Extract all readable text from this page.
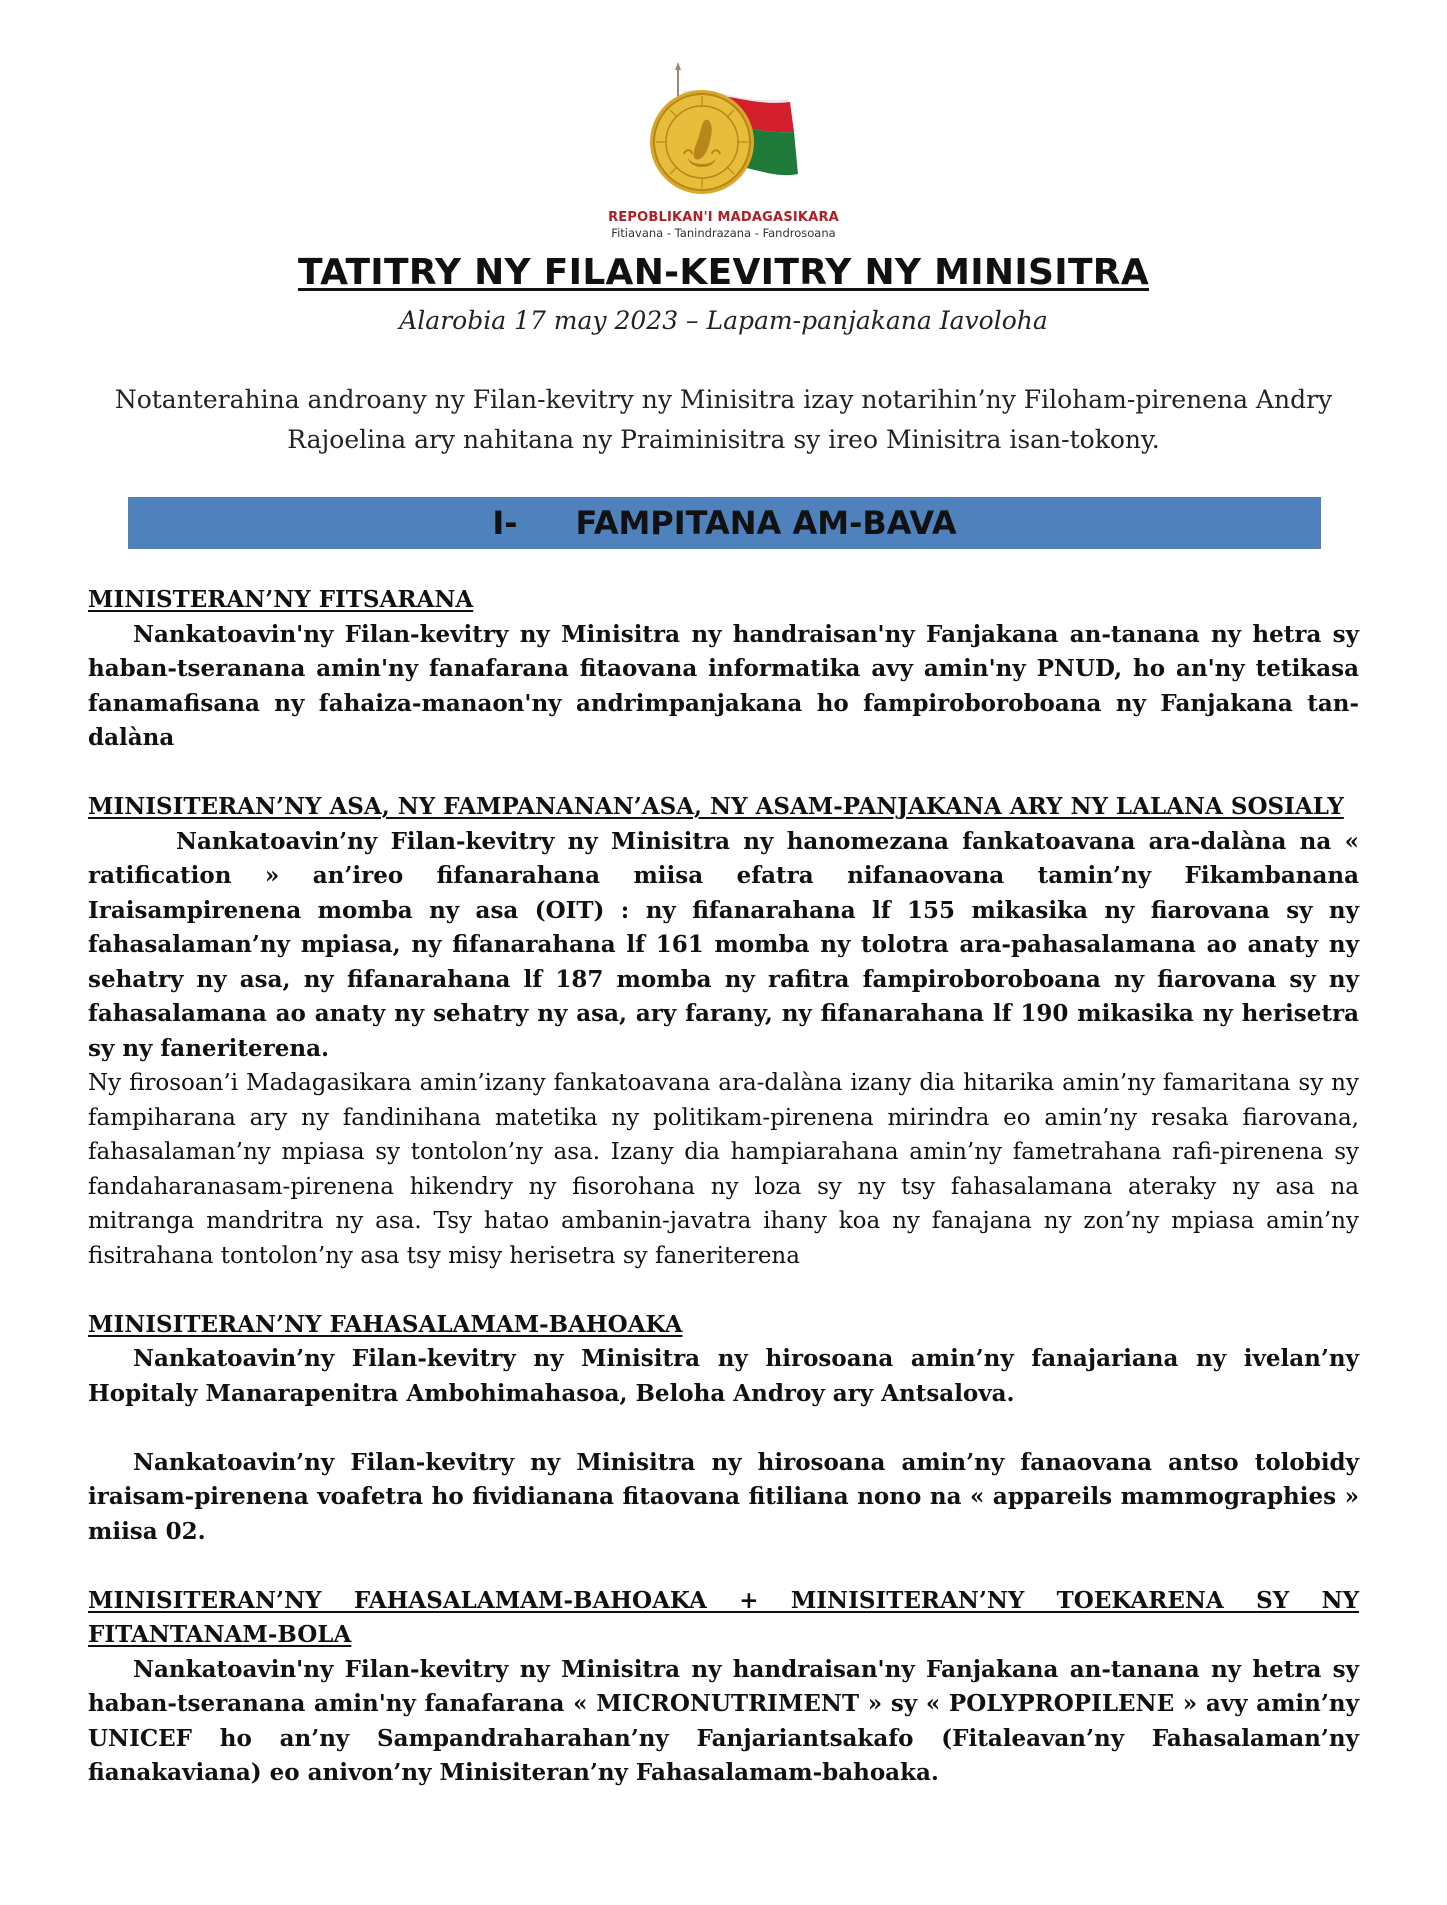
REPOBLIKAN'I MADAGASIKARA
Fitiavana - Tanindrazana - Fandrosoana
TATITRY NY FILAN-KEVITRY NY MINISITRA
Alarobia 17 may 2023 – Lapam-panjakana Iavoloha
Notanterahina androany ny Filan-kevitry ny Minisitra izay notarihin’ny Filoham-pirenena Andry Rajoelina ary nahitana ny Praiminisitra sy ireo Minisitra isan-tokony.
I- FAMPITANA AM-BAVA
MINISTERAN’NY FITSARANA
Nankatoavin'ny Filan-kevitry ny Minisitra ny handraisan'ny Fanjakana an-tanana ny hetra sy haban-tseranana amin'ny fanafarana fitaovana informatika avy amin'ny PNUD, ho an'ny tetikasa fanamafisana ny fahaiza-manaon'ny andrimpanjakana ho fampiroboroboana ny Fanjakana tan-dalàna
MINISITERAN’NY ASA, NY FAMPANANAN’ASA, NY ASAM-PANJAKANA ARY NY LALANA SOSIALY
Nankatoavin’ny Filan-kevitry ny Minisitra ny hanomezana fankatoavana ara-dalàna na « ratification » an’ireo fifanarahana miisa efatra nifanaovana tamin’ny Fikambanana Iraisampirenena momba ny asa (OIT) : ny fifanarahana lf 155 mikasika ny fiarovana sy ny fahasalaman’ny mpiasa, ny fifanarahana lf 161 momba ny tolotra ara-pahasalamana ao anaty ny sehatry ny asa, ny fifanarahana lf 187 momba ny rafitra fampiroboroboana ny fiarovana sy ny fahasalamana ao anaty ny sehatry ny asa, ary farany, ny fifanarahana lf 190 mikasika ny herisetra sy ny faneriterena.
Ny firosoan’i Madagasikara amin’izany fankatoavana ara-dalàna izany dia hitarika amin’ny famaritana sy ny fampiharana ary ny fandinihana matetika ny politikam-pirenena mirindra eo amin’ny resaka fiarovana, fahasalaman’ny mpiasa sy tontolon’ny asa. Izany dia hampiarahana amin’ny fametrahana rafi-pirenena sy fandaharanasam-pirenena hikendry ny fisorohana ny loza sy ny tsy fahasalamana ateraky ny asa na mitranga mandritra ny asa. Tsy hatao ambanin-javatra ihany koa ny fanajana ny zon’ny mpiasa amin’ny fisitrahana tontolon’ny asa tsy misy herisetra sy faneriterena
MINISITERAN’NY FAHASALAMAM-BAHOAKA
Nankatoavin’ny Filan-kevitry ny Minisitra ny hirosoana amin’ny fanajariana ny ivelan’ny Hopitaly Manarapenitra Ambohimahasoa, Beloha Androy ary Antsalova.
Nankatoavin’ny Filan-kevitry ny Minisitra ny hirosoana amin’ny fanaovana antso tolobidy iraisam-pirenena voafetra ho fividianana fitaovana fitiliana nono na « appareils mammographies » miisa 02.
MINISITERAN’NY FAHASALAMAM-BAHOAKA + MINISITERAN’NY TOEKARENA SY NY FITANTANAM-BOLA
Nankatoavin'ny Filan-kevitry ny Minisitra ny handraisan'ny Fanjakana an-tanana ny hetra sy haban-tseranana amin'ny fanafarana « MICRONUTRIMENT » sy « POLYPROPILENE » avy amin’ny UNICEF ho an’ny Sampandraharahan’ny Fanjariantsakafo (Fitaleavan’ny Fahasalaman’ny fianakaviana) eo anivon’ny Minisiteran’ny Fahasalamam-bahoaka.
